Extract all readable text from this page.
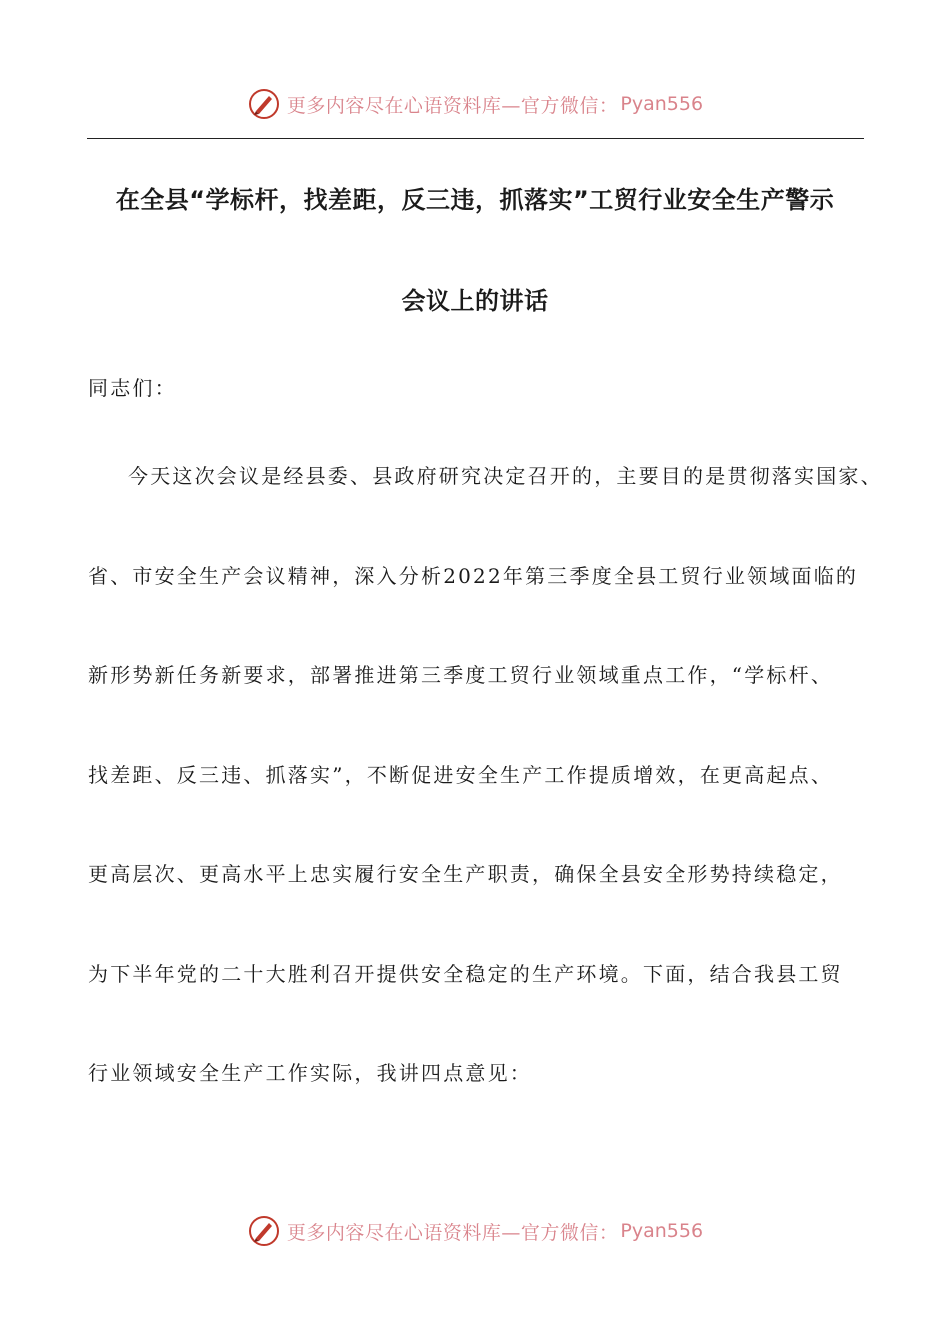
更多内容尽在心语资料库—官方微信： Pyan556
在全县“学标杆，找差距，反三违，抓落实”工贸行业安全生产警示
会议上的讲话
同志们：
今天这次会议是经县委、县政府研究决定召开的，主要目的是贯彻落实国家、
省、市安全生产会议精神，深入分析2022年第三季度全县工贸行业领域面临的
新形势新任务新要求，部署推进第三季度工贸行业领域重点工作，“学标杆、
找差距、反三违、抓落实”，不断促进安全生产工作提质增效，在更高起点、
更高层次、更高水平上忠实履行安全生产职责，确保全县安全形势持续稳定，
为下半年党的二十大胜利召开提供安全稳定的生产环境。下面，结合我县工贸
行业领域安全生产工作实际，我讲四点意见：
更多内容尽在心语资料库—官方微信： Pyan556
